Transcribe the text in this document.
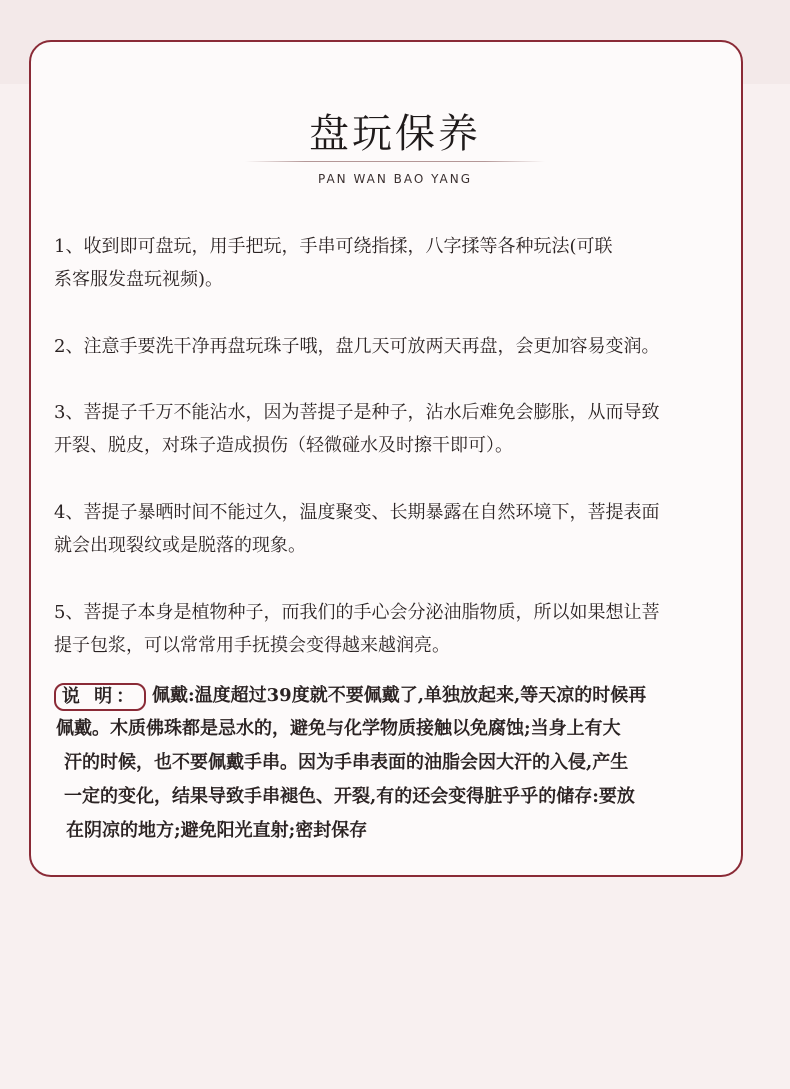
盘玩保养
PAN WAN BAO YANG

1、收到即可盘玩，用手把玩，手串可绕指揉，八字揉等各种玩法(可联
系客服发盘玩视频)。

2、注意手要洗干净再盘玩珠子哦，盘几天可放两天再盘，会更加容易变润。

3、菩提子千万不能沾水，因为菩提子是种子，沾水后难免会膨胀，从而导致
开裂、脱皮，对珠子造成损伤（轻微碰水及时擦干即可）。

4、菩提子暴晒时间不能过久，温度聚变、长期暴露在自然环境下，菩提表面
就会出现裂纹或是脱落的现象。

5、菩提子本身是植物种子，而我们的手心会分泌油脂物质，所以如果想让菩
提子包浆，可以常常用手抚摸会变得越来越润亮。

说 明： 佩戴:温度超过39度就不要佩戴了,单独放起来,等天凉的时候再
佩戴。木质佛珠都是忌水的，避免与化学物质接触以免腐蚀;当身上有大
汗的时候，也不要佩戴手串。因为手串表面的油脂会因大汗的入侵,产生
一定的变化，结果导致手串褪色、开裂,有的还会变得脏乎乎的储存:要放
在阴凉的地方;避免阳光直射;密封保存
